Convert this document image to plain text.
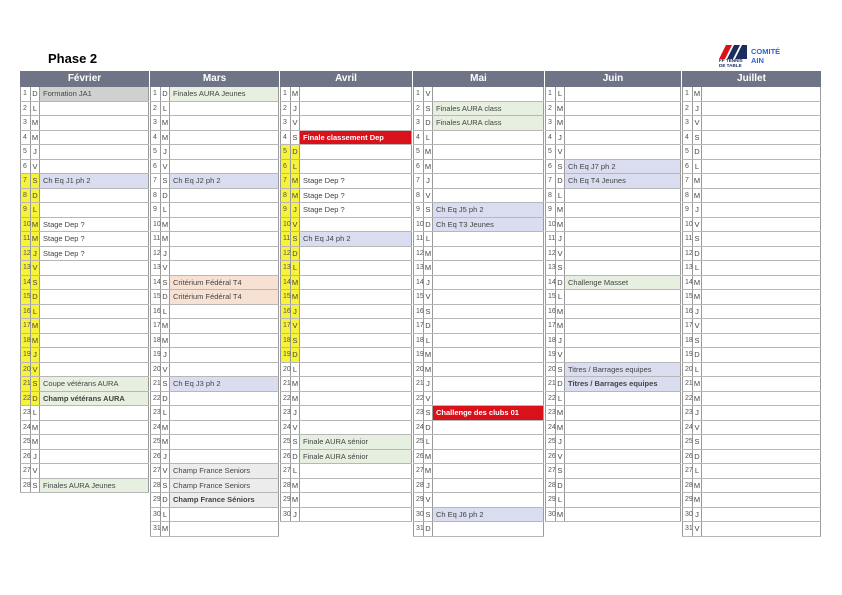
Phase 2	FF TENNIS
DE TABLE
COMITÉ
AIN
Février
1 D Formation JA1
2 L
3 M
4 M
5 J
6 V
7 S Ch Eq J1 ph 2
8 D
9 L
10 M Stage Dep ?
11 M Stage Dep ?
12 J Stage Dep ?
13 V
14 S
15 D
16 L
17 M
18 M
19 J
20 V
21 S Coupe vétérans AURA
22 D Champ vétérans AURA
23 L
24 M
25 M
26 J
27 V
28 S Finales AURA Jeunes
Mars
1 D Finales AURA Jeunes
2 L
3 M
4 M
5 J
6 V
7 S Ch Eq J2 ph 2
8 D
9 L
10 M
11 M
12 J
13 V
14 S Critérium Fédéral T4
15 D Critérium Fédéral T4
16 L
17 M
18 M
19 J
20 V
21 S Ch Eq J3 ph 2
22 D
23 L
24 M
25 M
26 J
27 V Champ France Seniors
28 S Champ France Seniors
29 D Champ France Séniors
30 L
31 M
Avril
1 M
2 J
3 V
4 S Finale classement Dep
5 D
6 L
7 M Stage Dep ?
8 M Stage Dep ?
9 J Stage Dep ?
10 V
11 S Ch Eq J4 ph 2
12 D
13 L
14 M
15 M
16 J
17 V
18 S
19 D
20 L
21 M
22 M
23 J
24 V
25 S Finale AURA sénior
26 D Finale AURA sénior
27 L
28 M
29 M
30 J
Mai
1 V
2 S Finales AURA class
3 D Finales AURA class
4 L
5 M
6 M
7 J
8 V
9 S Ch Eq J5 ph 2
10 D Ch Eq T3 Jeunes
11 L
12 M
13 M
14 J
15 V
16 S
17 D
18 L
19 M
20 M
21 J
22 V
23 S Challenge des clubs 01
24 D
25 L
26 M
27 M
28 J
29 V
30 S Ch Eq J6 ph 2
31 D
Juin
1 L
2 M
3 M
4 J
5 V
6 S Ch Eq J7 ph 2
7 D Ch Eq T4 Jeunes
8 L
9 M
10 M
11 J
12 V
13 S
14 D Challenge Masset
15 L
16 M
17 M
18 J
19 V
20 S Titres / Barrages equipes
21 D Titres / Barrages equipes
22 L
23 M
24 M
25 J
26 V
27 S
28 D
29 L
30 M
Juillet
1 M
2 J
3 V
4 S
5 D
6 L
7 M
8 M
9 J
10 V
11 S
12 D
13 L
14 M
15 M
16 J
17 V
18 S
19 D
20 L
21 M
22 M
23 J
24 V
25 S
26 D
27 L
28 M
29 M
30 J
31 V
